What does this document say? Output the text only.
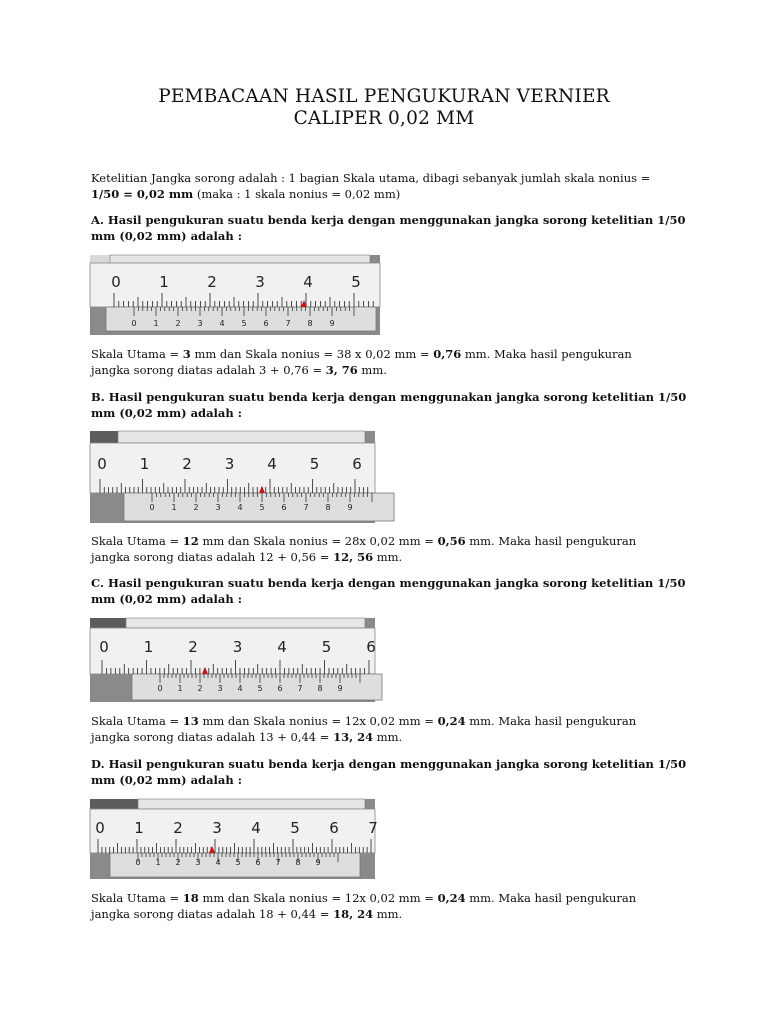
PEMBACAAN HASIL PENGUKURAN VERNIER
CALIPER 0,02 MM
Ketelitian Jangka sorong adalah : 1 bagian Skala utama, dibagi sebanyak jumlah skala nonius =
1/50 = 0,02 mm (maka : 1 skala nonius = 0,02 mm)
A. Hasil pengukuran suatu benda kerja dengan menggunakan jangka sorong ketelitian 1/50 mm (0,02 mm) adalah :
0	1	2	3	4	5
0 1 2 3 4 5 6 7 8 9
Skala Utama = 3 mm dan Skala nonius = 38 x 0,02 mm = 0,76 mm. Maka hasil pengukuran
jangka sorong diatas adalah 3 + 0,76 = 3, 76 mm.
B. Hasil pengukuran suatu benda kerja dengan menggunakan jangka sorong ketelitian 1/50 mm (0,02 mm) adalah :
0 1 2 3 4 5 6
0 1 2 3 4 5 6 7 8 9
Skala Utama = 12 mm dan Skala nonius = 28x 0,02 mm = 0,56 mm. Maka hasil pengukuran
jangka sorong diatas adalah 12 + 0,56 = 12, 56 mm.
C. Hasil pengukuran suatu benda kerja dengan menggunakan jangka sorong ketelitian 1/50 mm (0,02 mm) adalah :
0 1 2 3 4 5 6
0 1 2 3 4 5 6 7 8 9
Skala Utama = 13 mm dan Skala nonius = 12x 0,02 mm = 0,24 mm. Maka hasil pengukuran
jangka sorong diatas adalah 13 + 0,44 = 13, 24 mm.
D. Hasil pengukuran suatu benda kerja dengan menggunakan jangka sorong ketelitian 1/50 mm (0,02 mm) adalah :
0 1 2 3 4 5 6 7
0 1 2 3 4 5 6 7 8 9
Skala Utama = 18 mm dan Skala nonius = 12x 0,02 mm = 0,24 mm. Maka hasil pengukuran
jangka sorong diatas adalah 18 + 0,44 = 18, 24 mm.
